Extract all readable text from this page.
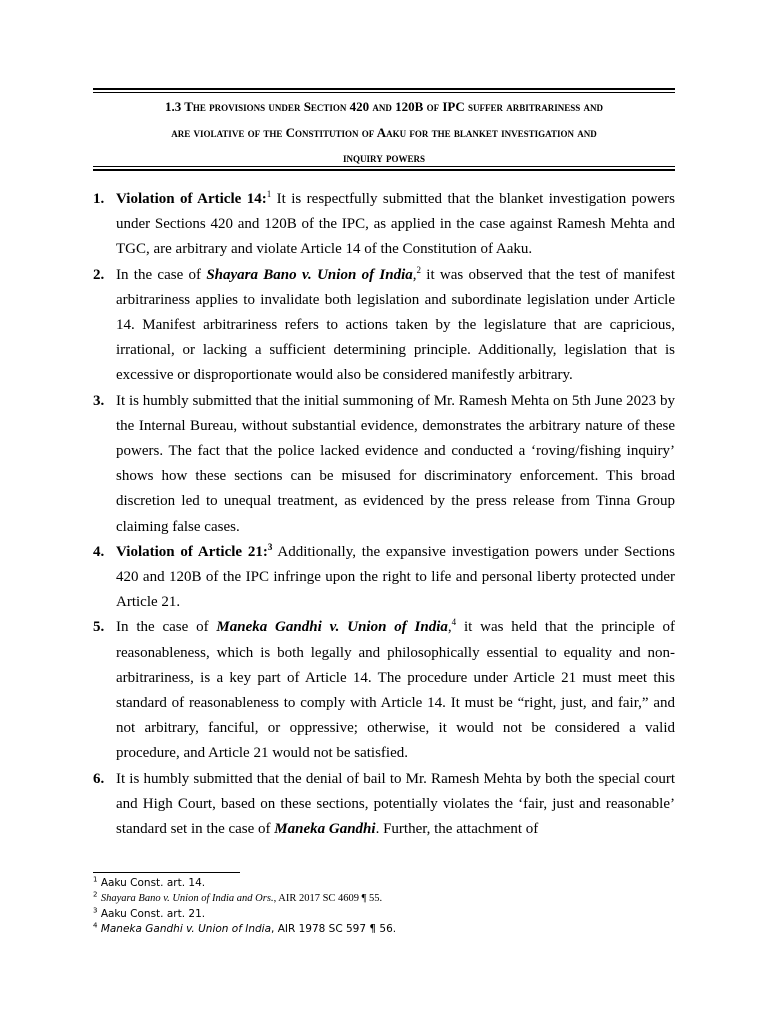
1.3 The provisions under Section 420 and 120B of IPC suffer arbitrariness and
are violative of the Constitution of Aaku for the blanket investigation and
inquiry powers
1. Violation of Article 14:$^1$ It is respectfully submitted that the blanket investigation powers under Sections 420 and 120B of the IPC, as applied in the case against Ramesh Mehta and TGC, are arbitrary and violate Article 14 of the Constitution of Aaku.
2. In the case of Shayara Bano v. Union of India,$^2$ it was observed that the test of manifest arbitrariness applies to invalidate both legislation and subordinate legislation under Article 14. Manifest arbitrariness refers to actions taken by the legislature that are capricious, irrational, or lacking a sufficient determining principle. Additionally, legislation that is excessive or disproportionate would also be considered manifestly arbitrary.
3. It is humbly submitted that the initial summoning of Mr. Ramesh Mehta on 5th June 2023 by the Internal Bureau, without substantial evidence, demonstrates the arbitrary nature of these powers. The fact that the police lacked evidence and conducted a ‘roving/fishing inquiry’ shows how these sections can be misused for discriminatory enforcement. This broad discretion led to unequal treatment, as evidenced by the press release from Tinna Group claiming false cases.
4. Violation of Article 21:$^3$ Additionally, the expansive investigation powers under Sections 420 and 120B of the IPC infringe upon the right to life and personal liberty protected under Article 21.
5. In the case of Maneka Gandhi v. Union of India,$^4$ it was held that the principle of reasonableness, which is both legally and philosophically essential to equality and non-arbitrariness, is a key part of Article 14. The procedure under Article 21 must meet this standard of reasonableness to comply with Article 14. It must be “right, just, and fair,” and not arbitrary, fanciful, or oppressive; otherwise, it would not be considered a valid procedure, and Article 21 would not be satisfied.
6. It is humbly submitted that the denial of bail to Mr. Ramesh Mehta by both the special court and High Court, based on these sections, potentially violates the ‘fair, just and reasonable’ standard set in the case of Maneka Gandhi. Further, the attachment of
$^1$ Aaku Const. art. 14.
$^2$ Shayara Bano v. Union of India and Ors., AIR 2017 SC 4609 ¶ 55.
$^3$ Aaku Const. art. 21.
$^4$ Maneka Gandhi v. Union of India, AIR 1978 SC 597 ¶ 56.
